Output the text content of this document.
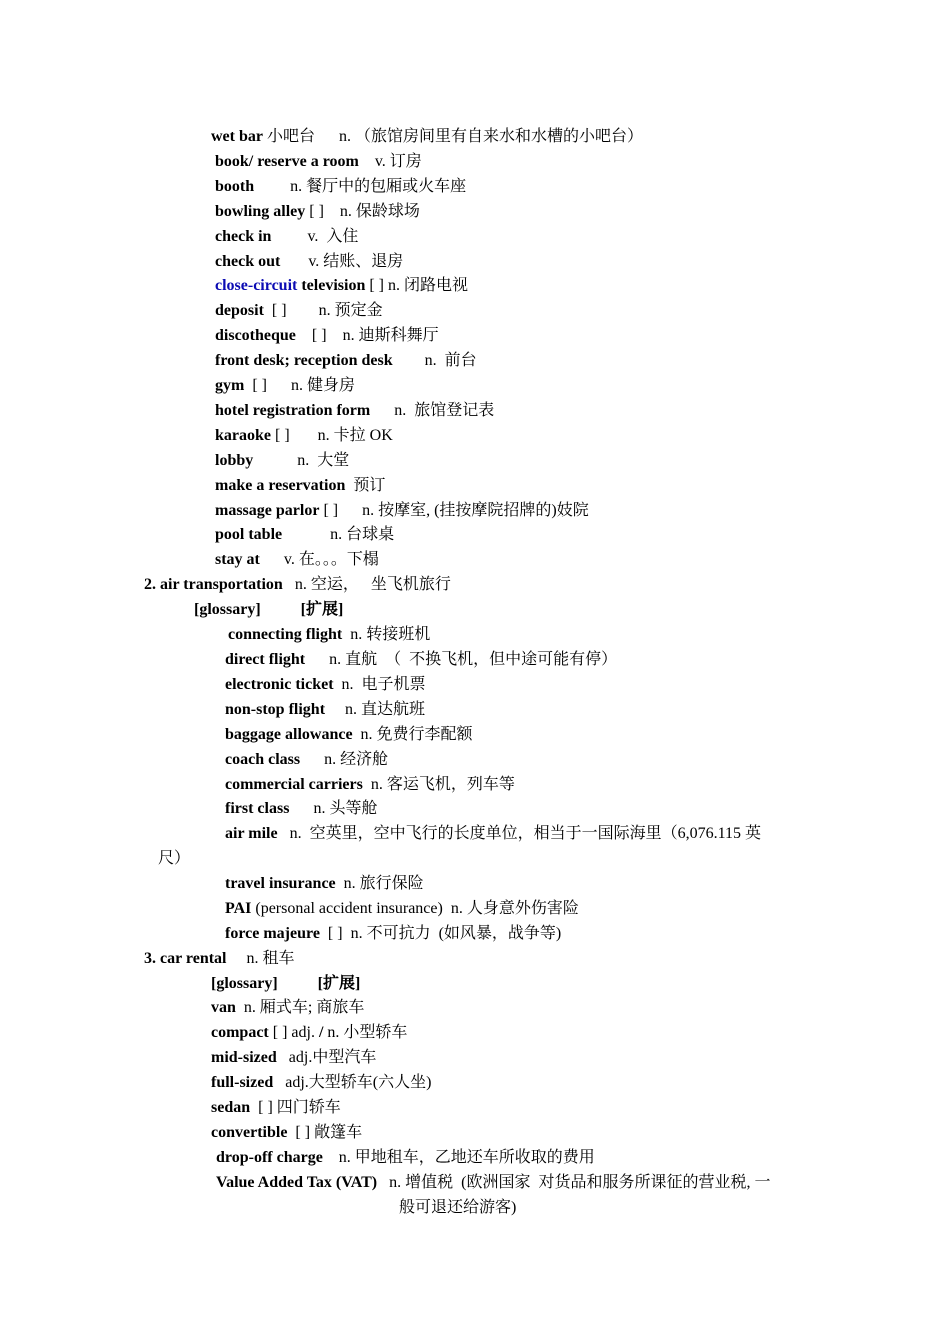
wet bar 小吧台      n. （旅馆房间里有自来水和水槽的小吧台）
book/ reserve a room    v. 订房
booth         n. 餐厅中的包厢或火车座
bowling alley [ ]    n. 保龄球场
check in         v.  入住
check out       v. 结账、退房
close-circuit television [ ] n. 闭路电视
deposit  [ ]        n. 预定金
discotheque    [ ]    n. 迪斯科舞厅
front desk; reception desk        n.  前台
gym  [ ]      n. 健身房
hotel registration form      n.  旅馆登记表
karaoke [ ]       n. 卡拉 OK
lobby           n.  大堂
make a reservation  预订
massage parlor [ ]      n. 按摩室, (挂按摩院招牌的)妓院
pool table            n. 台球桌
stay at      v. 在。。。下榻
2. air transportation   n. 空运，   坐飞机旅行
[glossary]          [扩展]
connecting flight  n. 转接班机
direct flight      n. 直航  （  不换飞机，但中途可能有停）
electronic ticket  n.  电子机票
non-stop flight     n. 直达航班
baggage allowance  n. 免费行李配额
coach class      n. 经济舱
commercial carriers  n. 客运飞机，列车等
first class      n. 头等舱
air mile   n.  空英里，空中飞行的长度单位，相当于一国际海里（6,076.115 英
尺）
travel insurance  n. 旅行保险
PAI (personal accident insurance)  n. 人身意外伤害险
force majeure  [ ]  n. 不可抗力  (如风暴，战争等)
3. car rental     n. 租车
[glossary]          [扩展]
van  n. 厢式车; 商旅车
compact [ ] adj. / n. 小型轿车
mid-sized   adj.中型汽车
full-sized   adj.大型轿车(六人坐)
sedan  [ ] 四门轿车
convertible  [ ] 敞篷车
drop-off charge    n. 甲地租车，乙地还车所收取的费用
Value Added Tax (VAT)   n. 增值税  (欧洲国家  对货品和服务所课征的营业税, 一
般可退还给游客)
